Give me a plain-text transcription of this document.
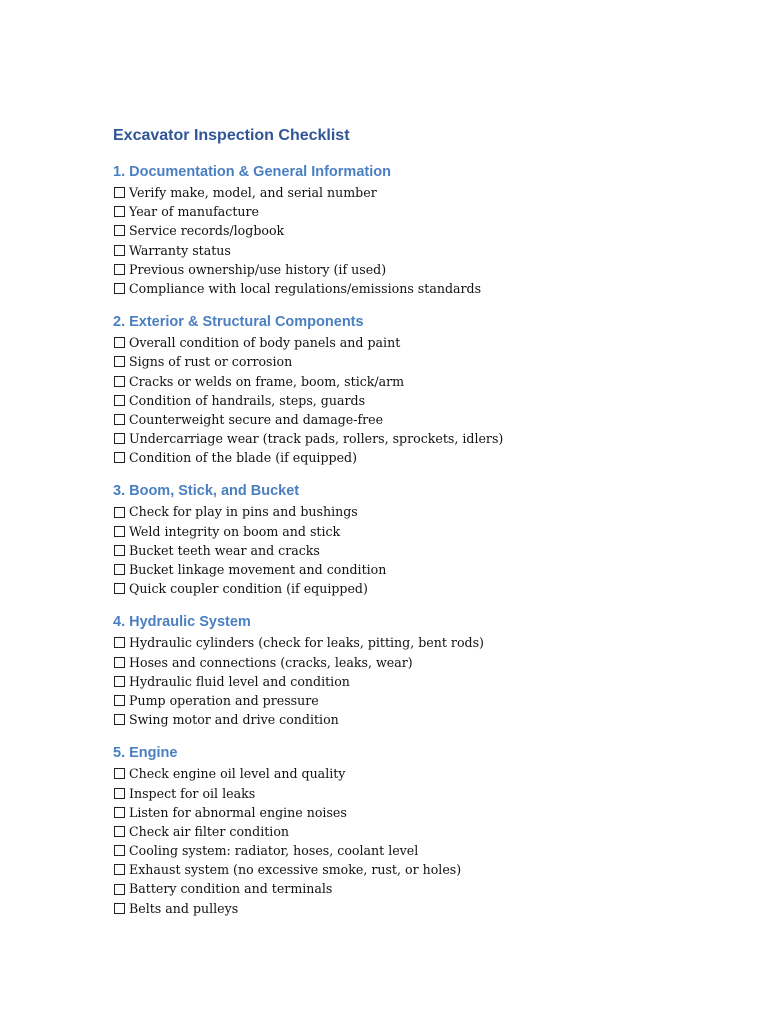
Excavator Inspection Checklist
1. Documentation & General Information
Verify make, model, and serial number
Year of manufacture
Service records/logbook
Warranty status
Previous ownership/use history (if used)
Compliance with local regulations/emissions standards
2. Exterior & Structural Components
Overall condition of body panels and paint
Signs of rust or corrosion
Cracks or welds on frame, boom, stick/arm
Condition of handrails, steps, guards
Counterweight secure and damage-free
Undercarriage wear (track pads, rollers, sprockets, idlers)
Condition of the blade (if equipped)
3. Boom, Stick, and Bucket
Check for play in pins and bushings
Weld integrity on boom and stick
Bucket teeth wear and cracks
Bucket linkage movement and condition
Quick coupler condition (if equipped)
4. Hydraulic System
Hydraulic cylinders (check for leaks, pitting, bent rods)
Hoses and connections (cracks, leaks, wear)
Hydraulic fluid level and condition
Pump operation and pressure
Swing motor and drive condition
5. Engine
Check engine oil level and quality
Inspect for oil leaks
Listen for abnormal engine noises
Check air filter condition
Cooling system: radiator, hoses, coolant level
Exhaust system (no excessive smoke, rust, or holes)
Battery condition and terminals
Belts and pulleys
